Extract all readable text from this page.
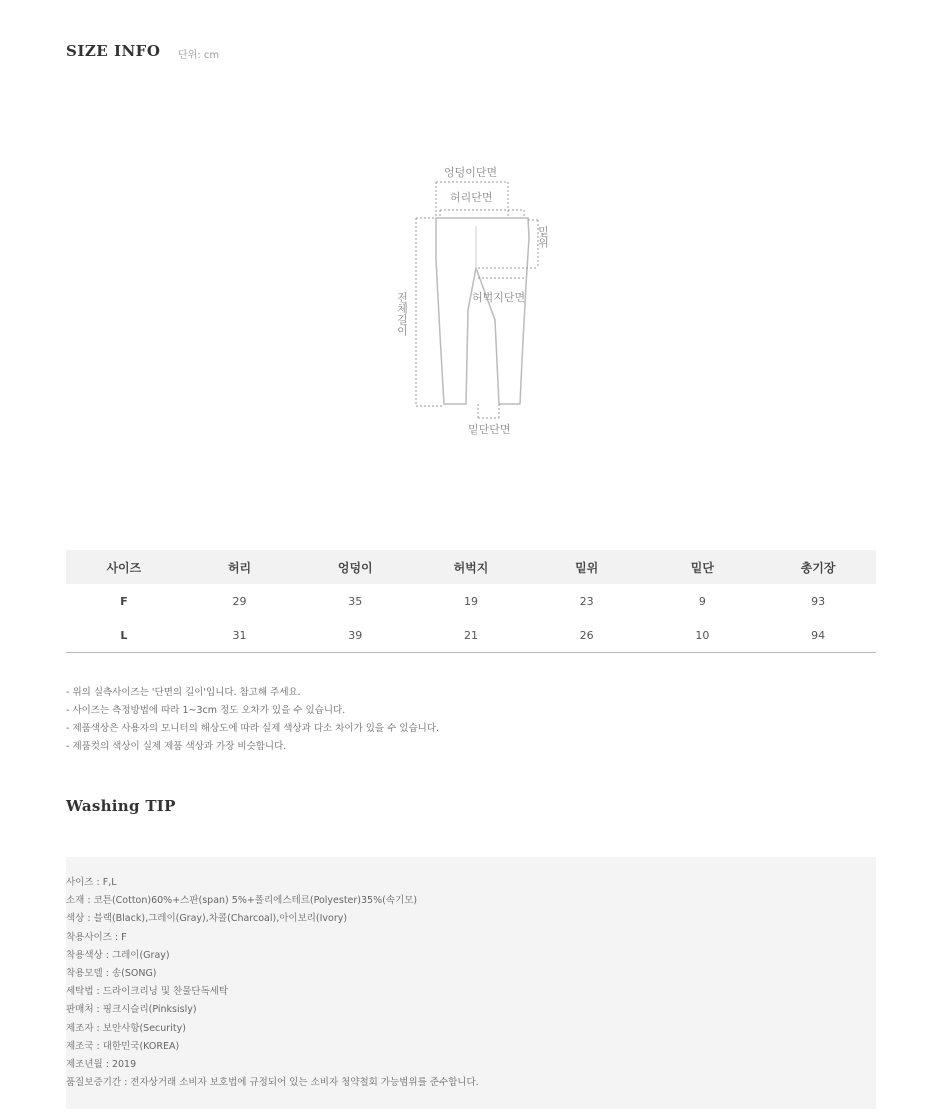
SIZE INFO 단위: cm
엉덩이단면
허리단면
밑위
허벅지단면
전체길이
밑단단면
사이즈	허리	엉덩이	허벅지	밑위	밑단	총기장
F	29	35	19	23	9	93
L	31	39	21	26	10	94
- 위의 실측사이즈는 '단면의 길이'입니다. 참고해 주세요.
- 사이즈는 측정방법에 따라 1~3cm 정도 오차가 있을 수 있습니다.
- 제품색상은 사용자의 모니터의 해상도에 따라 실제 색상과 다소 차이가 있을 수 있습니다.
- 제품컷의 색상이 실제 제품 색상과 가장 비슷합니다.
Washing TIP
사이즈 : F,L
소재 : 코튼(Cotton)60%+스판(span) 5%+폴리에스테르(Polyester)35%(속기모)
색상 : 블랙(Black),그레이(Gray),차콜(Charcoal),아이보리(Ivory)
착용사이즈 : F
착용색상 : 그레이(Gray)
착용모델 : 송(SONG)
세탁법 : 드라이크리닝 및 찬물단독세탁
판매처 : 핑크시슬리(Pinksisly)
제조자 : 보안사항(Security)
제조국 : 대한민국(KOREA)
제조년월 : 2019
품질보증기간 : 전자상거래 소비자 보호법에 규정되어 있는 소비자 청약철회 가능범위를 준수합니다.
